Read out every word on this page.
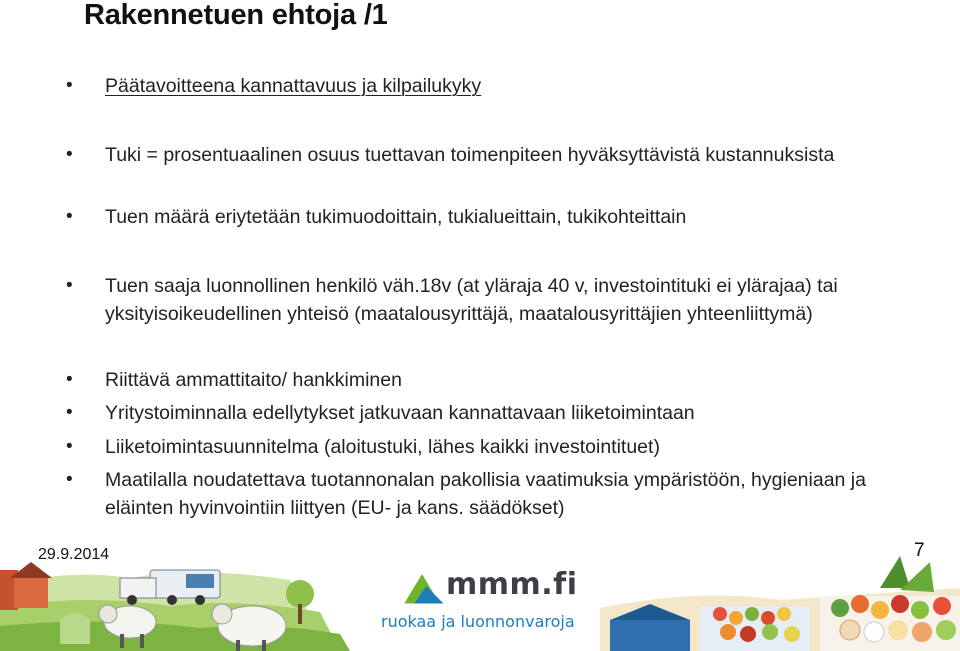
Rakennetuen ehtoja /1
•	Päätavoitteena kannattavuus ja kilpailukyky
•	Tuki = prosentuaalinen osuus tuettavan toimenpiteen hyväksyttävistä kustannuksista
•	Tuen määrä eriytetään tukimuodoittain, tukialueittain, tukikohteittain
•	Tuen saaja luonnollinen henkilö väh.18v (at yläraja 40 v, investointituki ei ylärajaa) tai yksityisoikeudellinen yhteisö (maatalousyrittäjä, maatalousyrittäjien yhteenliittymä)
•	Riittävä ammattitaito/ hankkiminen
•	Yritystoiminnalla edellytykset jatkuvaan kannattavaan liiketoimintaan
•	Liiketoimintasuunnitelma (aloitustuki, lähes kaikki investointituet)
•	Maatilalla noudatettava tuotannonalan pakollisia vaatimuksia ympäristöön, hygieniaan ja eläinten hyvinvointiin liittyen (EU- ja kans. säädökset)
mmm.fi
ruokaa ja luonnonvaroja
29.9.2014	7
